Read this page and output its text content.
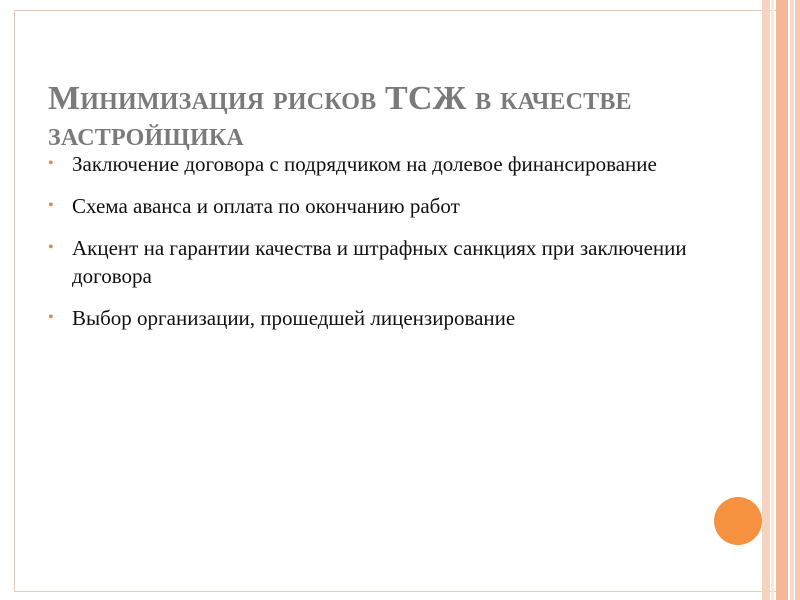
Минимизация рисков ТСЖ в качестве
застройщика
• Заключение договора с подрядчиком на долевое финансирование
• Схема аванса и оплата по окончанию работ
• Акцент на гарантии качества и штрафных санкциях при заключении договора
• Выбор организации, прошедшей лицензирование
